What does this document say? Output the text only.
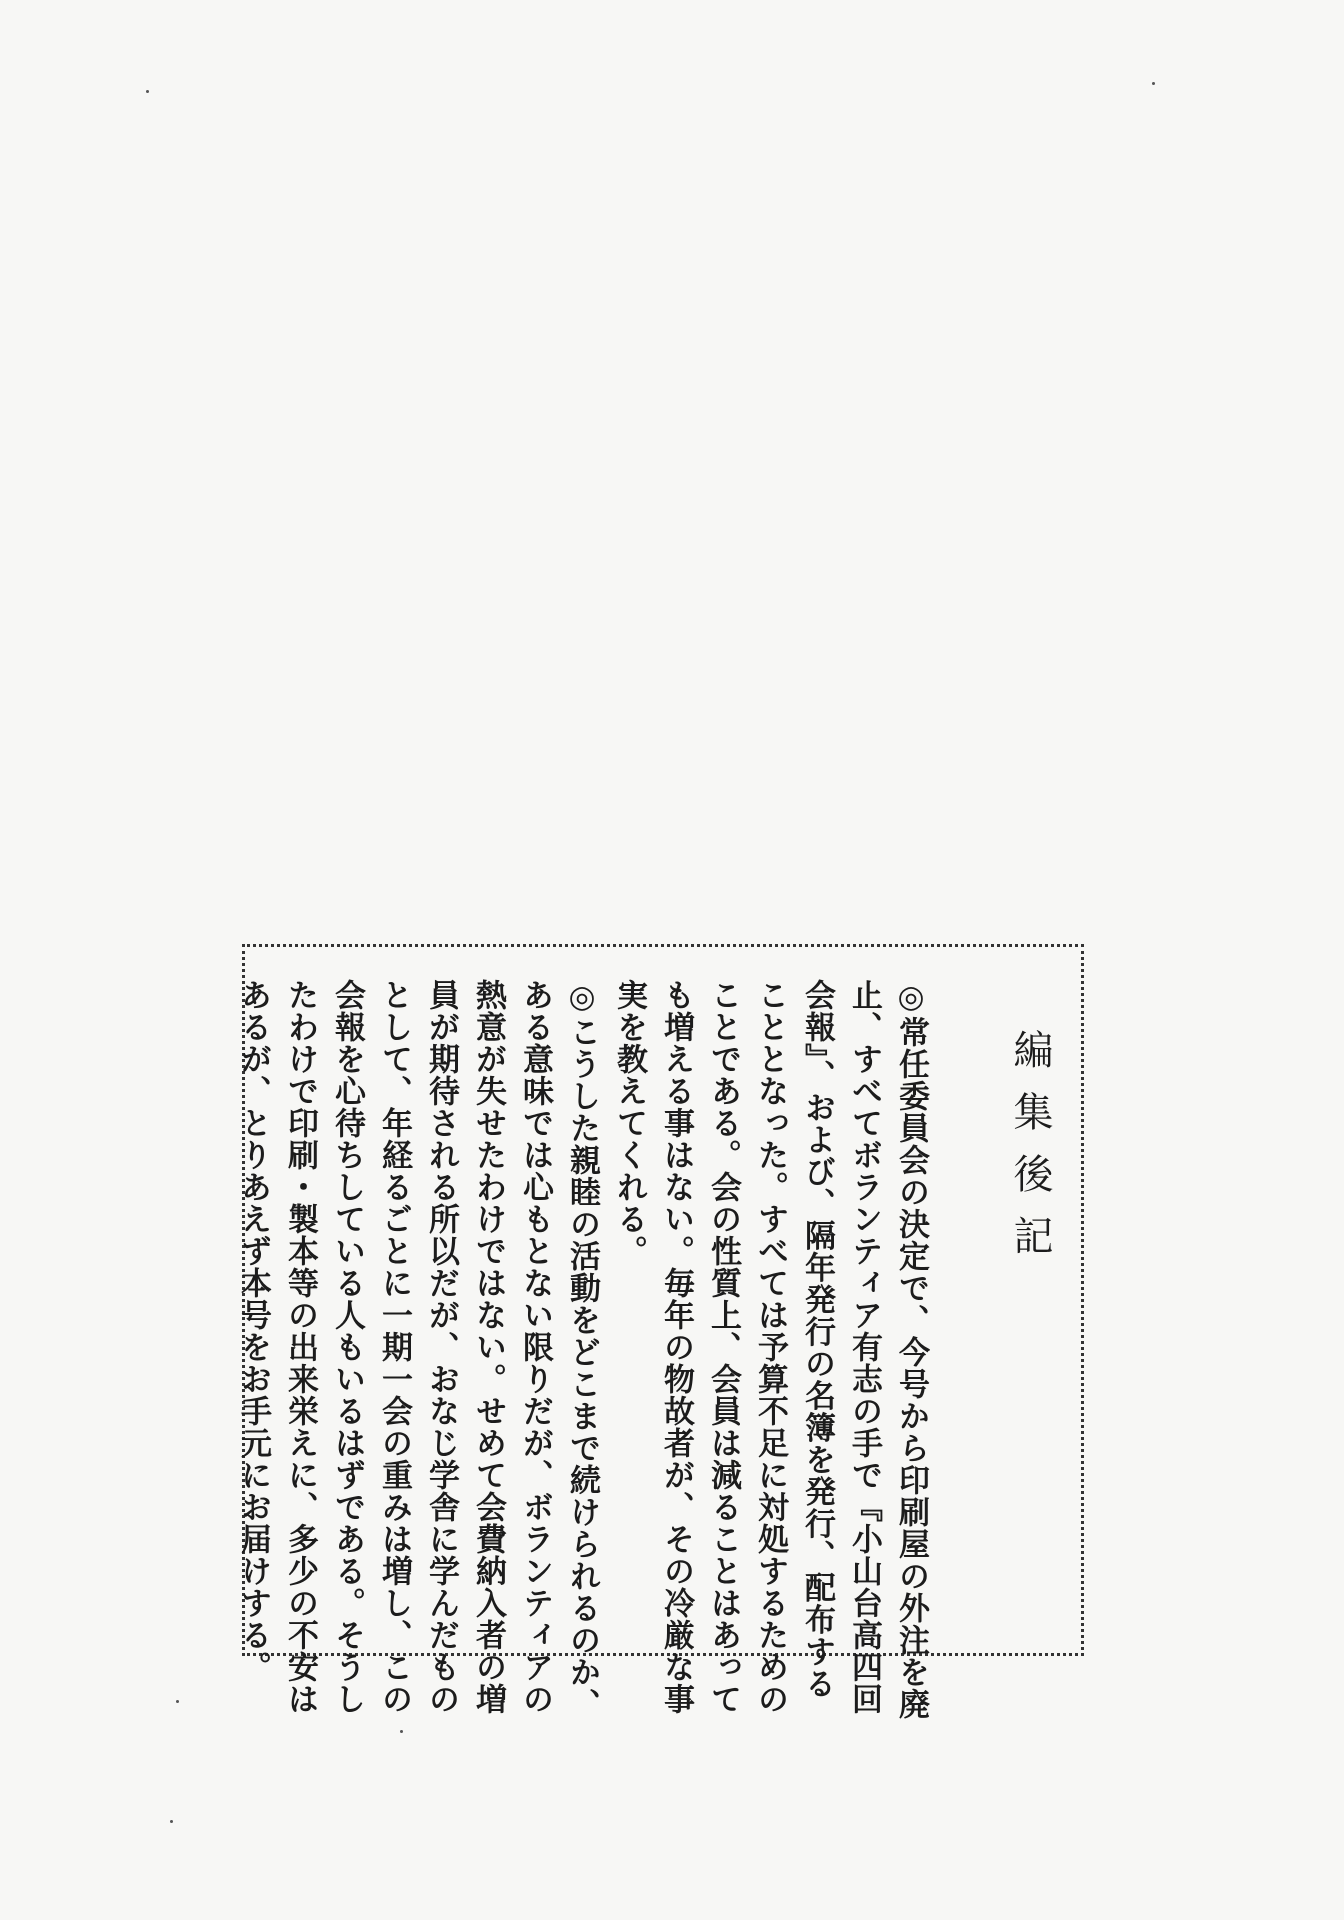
編集後記
◎常任委員会の決定で、今号から印刷屋の外注を廃
止、すべてボランティア有志の手で『小山台高四回
会報』、および、隔年発行の名簿を発行、配布する
こととなった。すべては予算不足に対処するための
ことである。会の性質上、会員は減ることはあって
も増える事はない。毎年の物故者が、その冷厳な事
実を教えてくれる。
◎こうした親睦の活動をどこまで続けられるのか、
ある意味では心もとない限りだが、ボランティアの
熱意が失せたわけではない。せめて会費納入者の増
員が期待される所以だが、おなじ学舎に学んだもの
として、年経るごとに一期一会の重みは増し、この
会報を心待ちしている人もいるはずである。そうし
たわけで印刷・製本等の出来栄えに、多少の不安は
あるが、とりあえず本号をお手元にお届けする。
